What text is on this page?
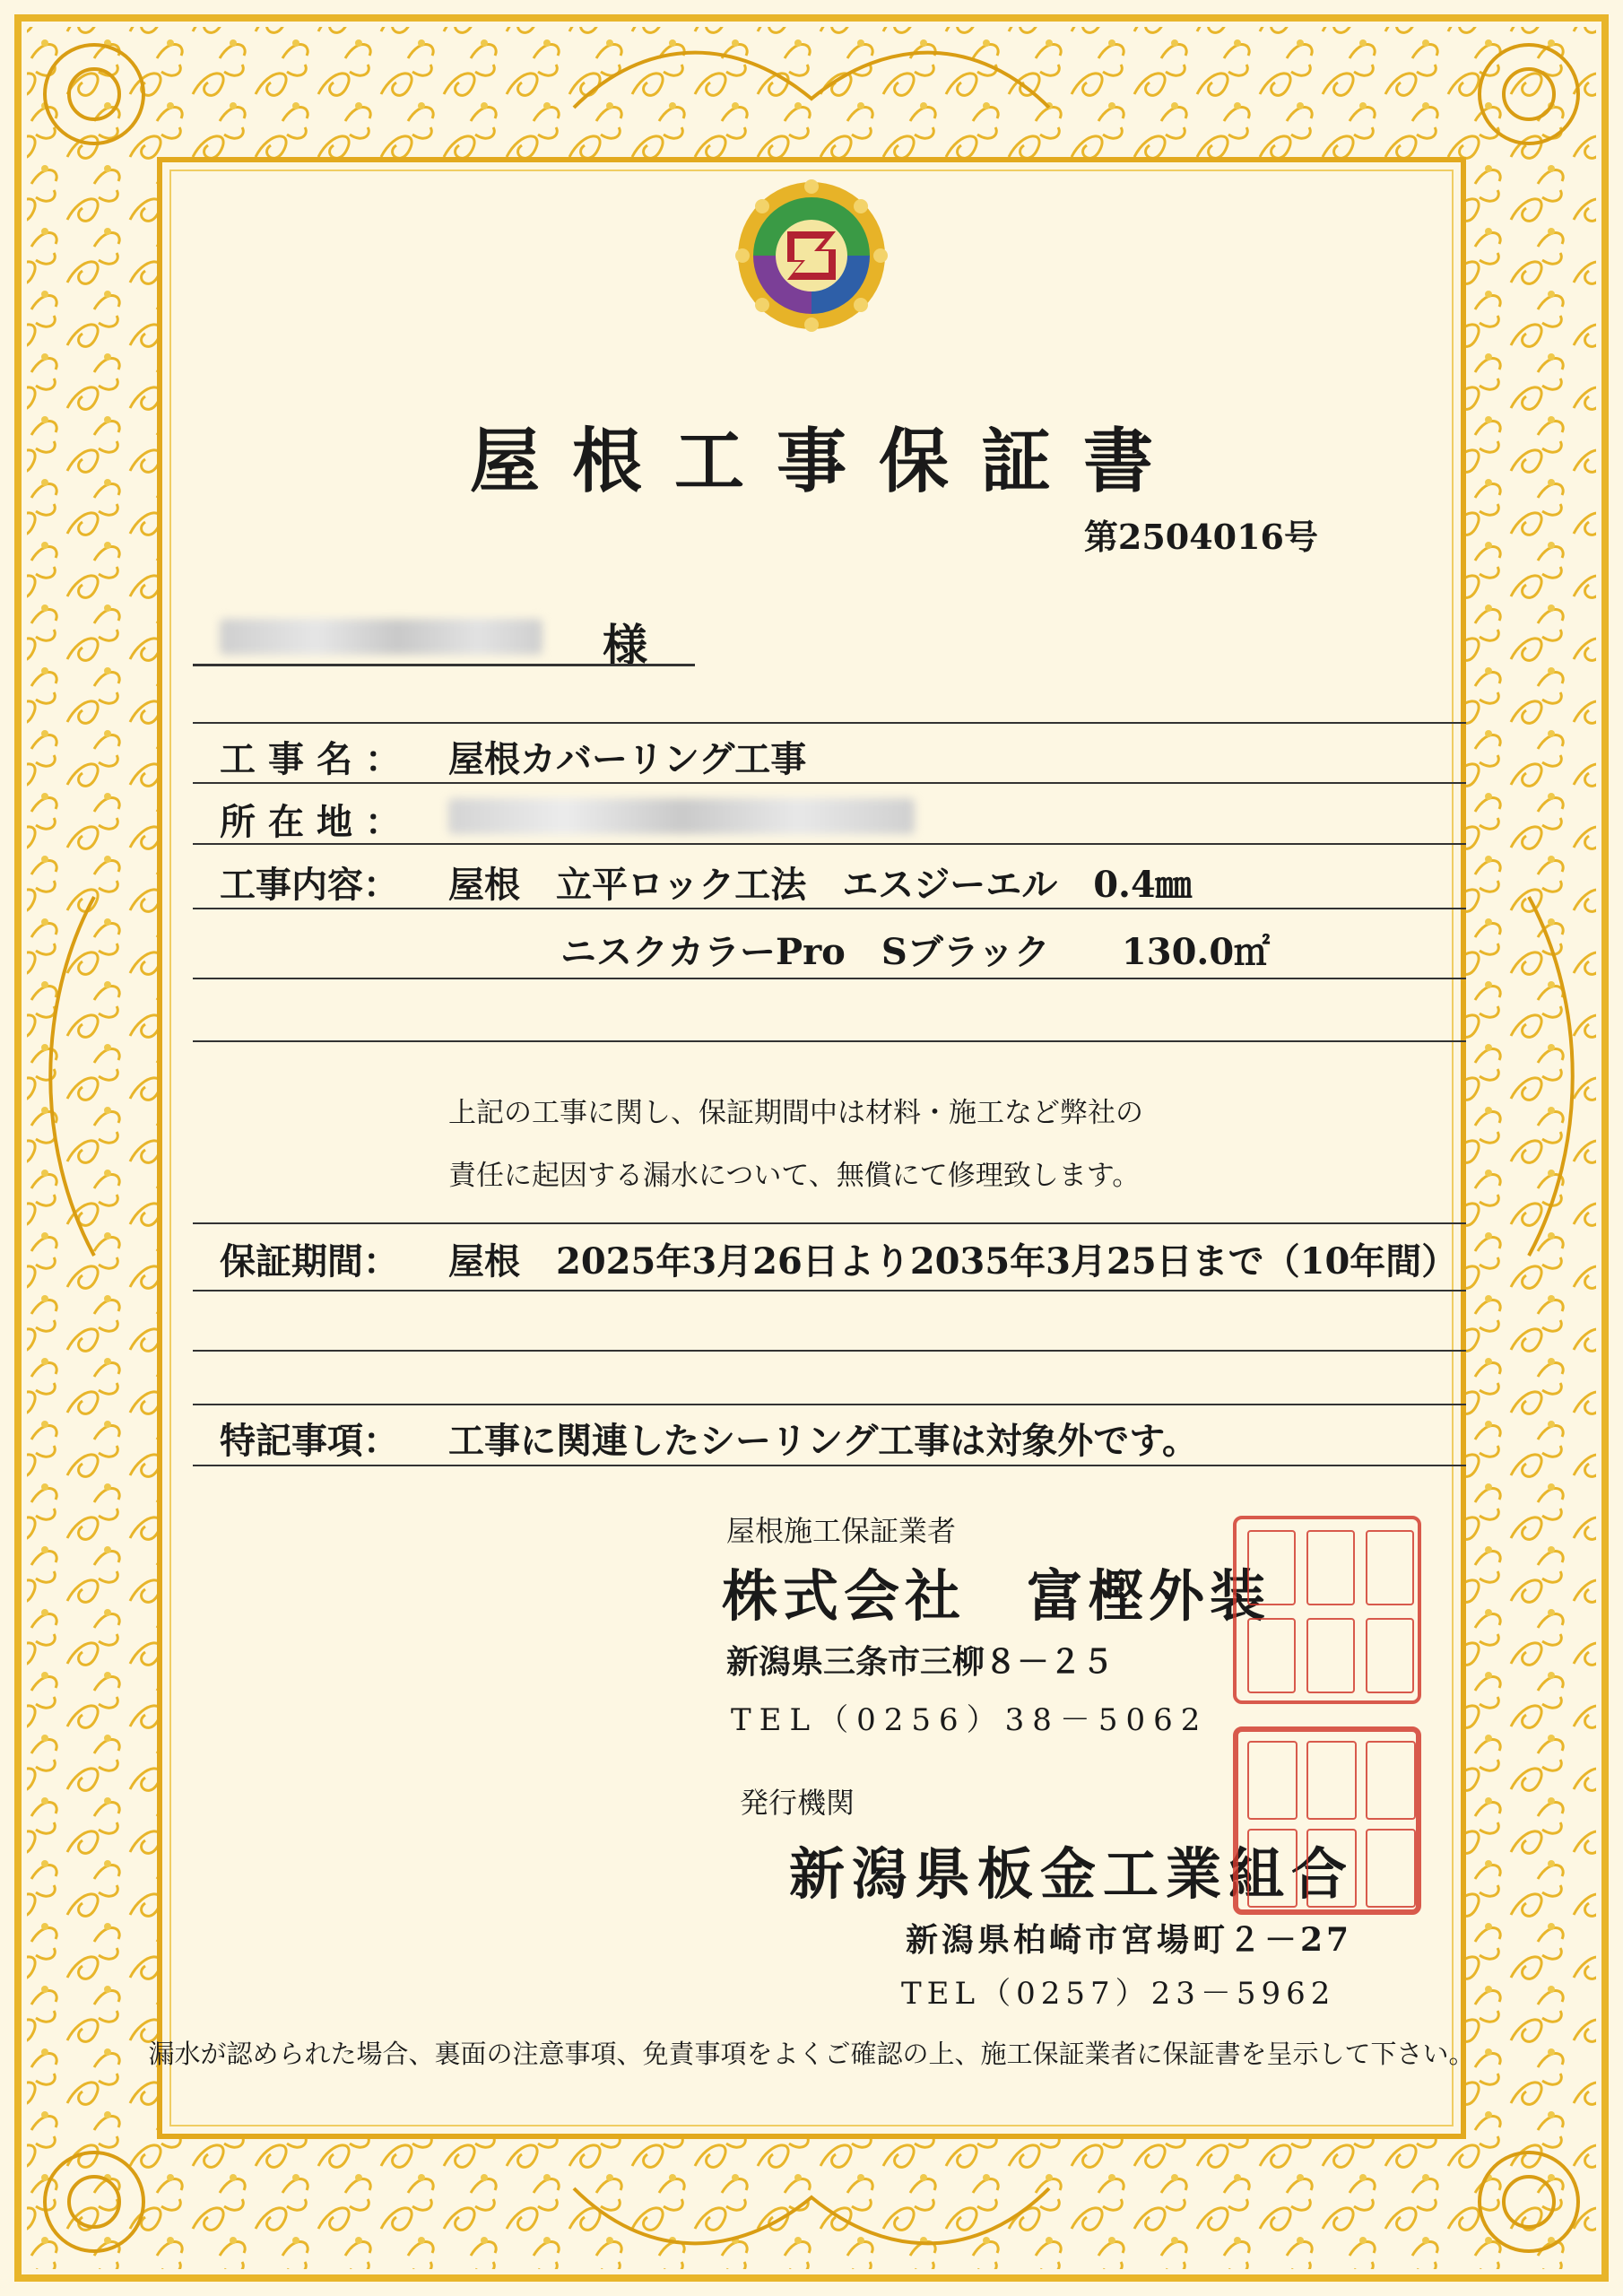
屋根工事保証書
第2504016号
様
工事名： 屋根カバーリング工事
所在地：
工事内容： 屋根　立平ロック工法　エスジーエル　0.4㎜
ニスクカラーPro　Sブラック　　130.0㎡
上記の工事に関し、保証期間中は材料・施工など弊社の
責任に起因する漏水について、無償にて修理致します。
保証期間： 屋根　2025年3月26日より2035年3月25日まで（10年間）
特記事項： 工事に関連したシーリング工事は対象外です。
屋根施工保証業者
株式会社　富樫外装
新潟県三条市三柳８－２５
TEL（0256）38－5062
発行機関
新潟県板金工業組合
新潟県柏崎市宮場町２－27
TEL（0257）23－5962
漏水が認められた場合、裏面の注意事項、免責事項をよくご確認の上、施工保証業者に保証書を呈示して下さい。
